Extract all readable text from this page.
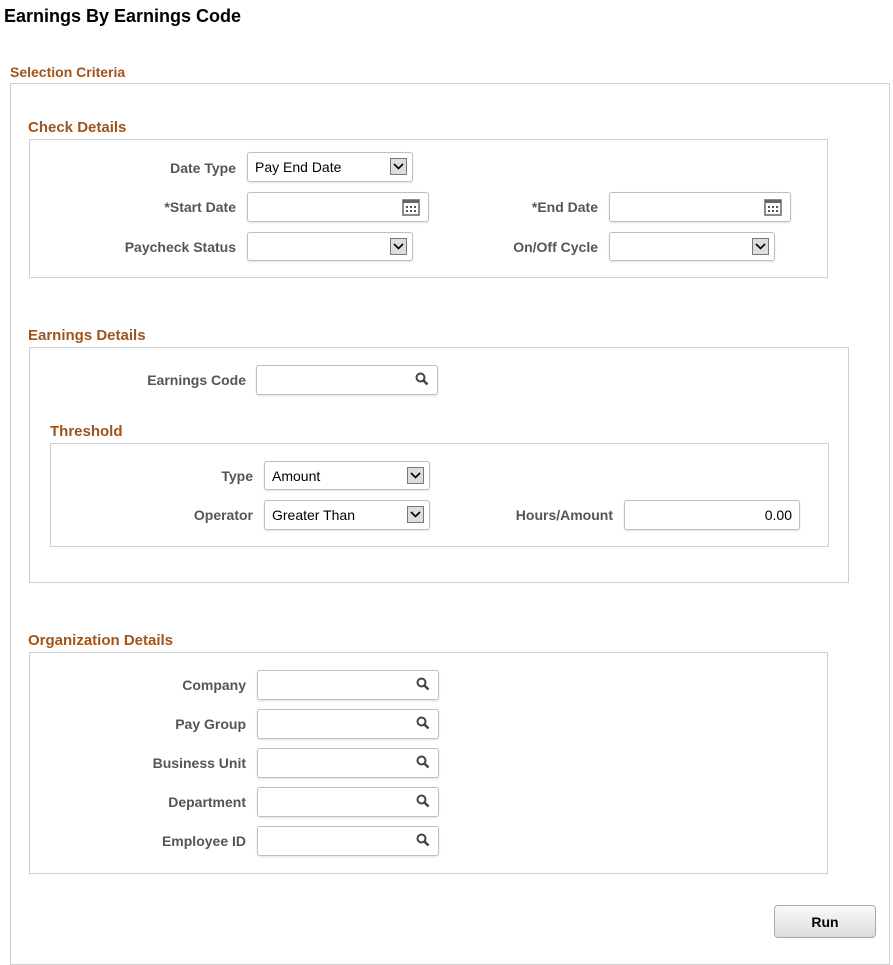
Earnings By Earnings Code
Selection Criteria
Check Details
Date Type Pay End Date
*Start Date	*End Date
Paycheck Status	On/Off Cycle
Earnings Details
Earnings Code
Threshold
Type Amount
Operator Greater Than	Hours/Amount	0.00
Organization Details
Company
Pay Group
Business Unit
Department
Employee ID
Run
